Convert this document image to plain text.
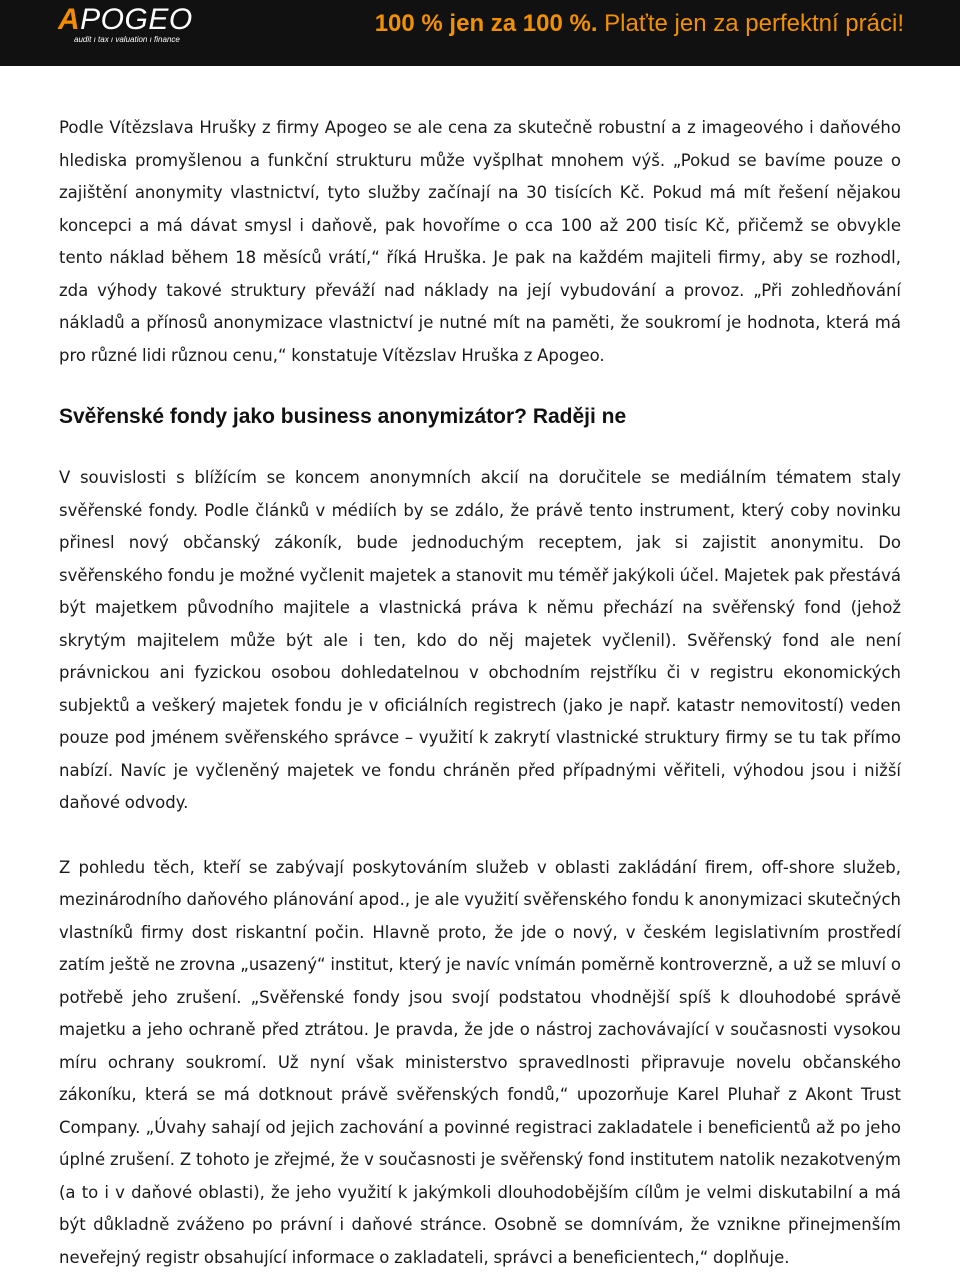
APOGEO
audit ı tax ı valuation ı finance
100 % jen za 100 %. Plaťte jen za perfektní práci!

Podle Vítězslava Hrušky z firmy Apogeo se ale cena za skutečně robustní a z imageového i daňového hlediska promyšlenou a funkční strukturu může vyšplhat mnohem výš. „Pokud se bavíme pouze o zajištění anonymity vlastnictví, tyto služby začínají na 30 tisících Kč. Pokud má mít řešení nějakou koncepci a má dávat smysl i daňově, pak hovoříme o cca 100 až 200 tisíc Kč, přičemž se obvykle tento náklad během 18 měsíců vrátí,“ říká Hruška. Je pak na každém majiteli firmy, aby se rozhodl, zda výhody takové struktury převáží nad náklady na její vybudování a provoz. „Při zohledňování nákladů a přínosů anonymizace vlastnictví je nutné mít na paměti, že soukromí je hodnota, která má pro různé lidi různou cenu,“ konstatuje Vítězslav Hruška z Apogeo.

Svěřenské fondy jako business anonymizátor? Raději ne

V souvislosti s blížícím se koncem anonymních akcií na doručitele se mediálním tématem staly svěřenské fondy. Podle článků v médiích by se zdálo, že právě tento instrument, který coby novinku přinesl nový občanský zákoník, bude jednoduchým receptem, jak si zajistit anonymitu. Do svěřenského fondu je možné vyčlenit majetek a stanovit mu téměř jakýkoli účel. Majetek pak přestává být majetkem původního majitele a vlastnická práva k němu přechází na svěřenský fond (jehož skrytým majitelem může být ale i ten, kdo do něj majetek vyčlenil). Svěřenský fond ale není právnickou ani fyzickou osobou dohledatelnou v obchodním rejstříku či v registru ekonomických subjektů a veškerý majetek fondu je v oficiálních registrech (jako je např. katastr nemovitostí) veden pouze pod jménem svěřenského správce – využití k zakrytí vlastnické struktury firmy se tu tak přímo nabízí. Navíc je vyčleněný majetek ve fondu chráněn před případnými věřiteli, výhodou jsou i nižší daňové odvody.

Z pohledu těch, kteří se zabývají poskytováním služeb v oblasti zakládání firem, off-shore služeb, mezinárodního daňového plánování apod., je ale využití svěřenského fondu k anonymizaci skutečných vlastníků firmy dost riskantní počin. Hlavně proto, že jde o nový, v českém legislativním prostředí zatím ještě ne zrovna „usazený“ institut, který je navíc vnímán poměrně kontroverzně, a už se mluví o potřebě jeho zrušení. „Svěřenské fondy jsou svojí podstatou vhodnější spíš k dlouhodobé správě majetku a jeho ochraně před ztrátou. Je pravda, že jde o nástroj zachovávající v současnosti vysokou míru ochrany soukromí. Už nyní však ministerstvo spravedlnosti připravuje novelu občanského zákoníku, která se má dotknout právě svěřenských fondů,“ upozorňuje Karel Pluhař z Akont Trust Company. „Úvahy sahají od jejich zachování a povinné registraci zakladatele i beneficientů až po jeho úplné zrušení. Z tohoto je zřejmé, že v současnosti je svěřenský fond institutem natolik nezakotveným (a to i v daňové oblasti), že jeho využití k jakýmkoli dlouhodobějším cílům je velmi diskutabilní a má být důkladně zváženo po právní i daňové stránce. Osobně se domnívám, že vznikne přinejmenším neveřejný registr obsahující informace o zakladateli, správci a beneficientech,“ doplňuje.
